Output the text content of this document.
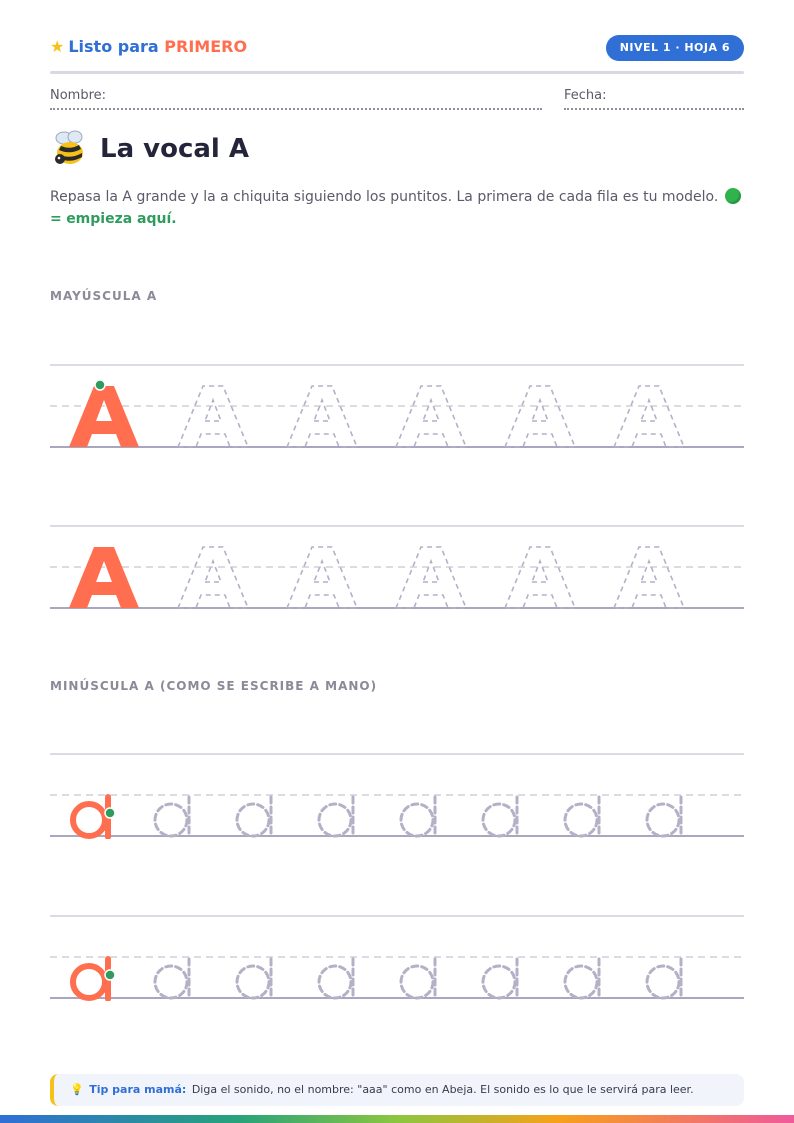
★ Listo para PRIMERO	NIVEL 1 · HOJA 6
Nombre:	Fecha:
La vocal A
Repasa la A grande y la a chiquita siguiendo los puntitos. La primera de cada fila es tu modelo. = empieza aquí.
MAYÚSCULA A
MINÚSCULA A (COMO SE ESCRIBE A MANO)
💡 Tip para mamá: Diga el sonido, no el nombre: "aaa" como en Abeja. El sonido es lo que le servirá para leer.
